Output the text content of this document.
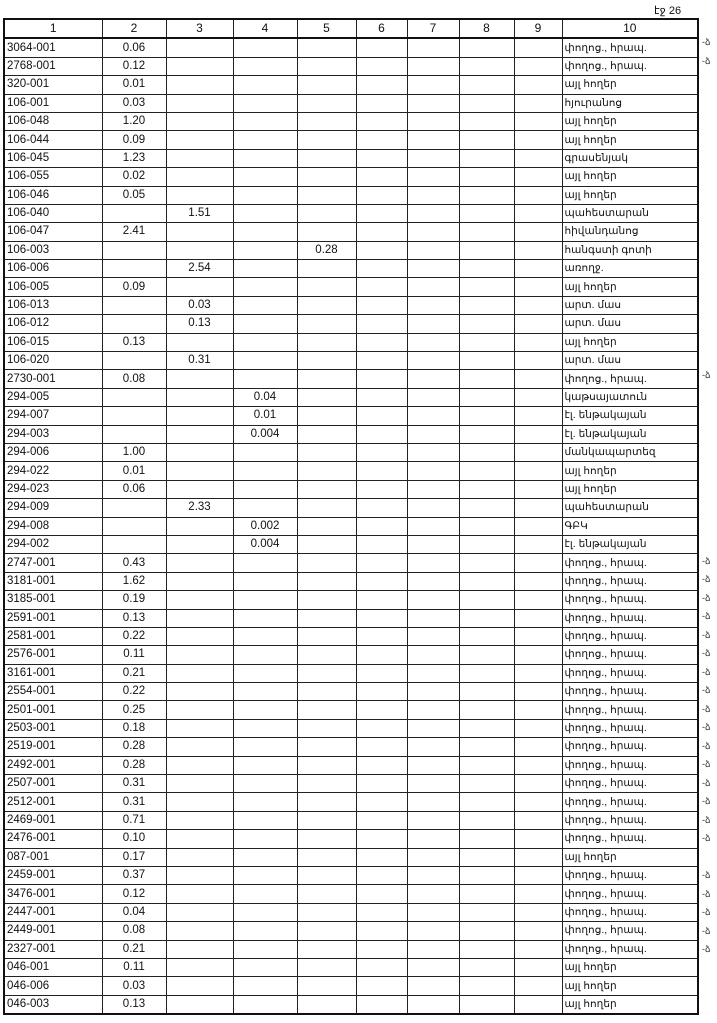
էջ 26
1	2	3	4	5	6	7	8	9	10
3064-001	0.06								փողոց., հրապ.
2768-001	0.12								փողոց., հրապ.
320-001	0.01								այլ հողեր
106-001	0.03								հյուրանոց
106-048	1.20								այլ հողեր
106-044	0.09								այլ հողեր
106-045	1.23								գրասենյակ
106-055	0.02								այլ հողեր
106-046	0.05								այլ հողեր
106-040		1.51							պահեստարան
106-047	2.41								հիվանդանոց
106-003				0.28					հանգստի գոտի
106-006		2.54							առողջ.
106-005	0.09								այլ հողեր
106-013		0.03							արտ. մաս
106-012		0.13							արտ. մաս
106-015	0.13								այլ հողեր
106-020		0.31							արտ. մաս
2730-001	0.08								փողոց., հրապ.
294-005			0.04						կաթսայատուն
294-007			0.01						էլ. ենթակայան
294-003			0.004						էլ. ենթակայան
294-006	1.00								մանկապարտեզ
294-022	0.01								այլ հողեր
294-023	0.06								այլ հողեր
294-009		2.33							պահեստարան
294-008			0.002						ԳԲԿ
294-002			0.004						էլ. ենթակայան
2747-001	0.43								փողոց., հրապ.
3181-001	1.62								փողոց., հրապ.
3185-001	0.19								փողոց., հրապ.
2591-001	0.13								փողոց., հրապ.
2581-001	0.22								փողոց., հրապ.
2576-001	0.11								փողոց., հրապ.
3161-001	0.21								փողոց., հրապ.
2554-001	0.22								փողոց., հրապ.
2501-001	0.25								փողոց., հրապ.
2503-001	0.18								փողոց., հրապ.
2519-001	0.28								փողոց., հրապ.
2492-001	0.28								փողոց., հրապ.
2507-001	0.31								փողոց., հրապ.
2512-001	0.31								փողոց., հրապ.
2469-001	0.71								փողոց., հրապ.
2476-001	0.10								փողոց., հրապ.
087-001	0.17								այլ հողեր
2459-001	0.37								փողոց., հրապ.
3476-001	0.12								փողոց., հրապ.
2447-001	0.04								փողոց., հրապ.
2449-001	0.08								փողոց., հրապ.
2327-001	0.21								փողոց., հրապ.
046-001	0.11								այլ հողեր
046-006	0.03								այլ հողեր
046-003	0.13								այլ հողեր
-ձ
-ձ
-ձ
-ձ
-ձ
-ձ
-ձ
-ձ
-ձ
-ձ
-ձ
-ձ
-ձ
-ձ
-ձ
-ձ
-ձ
-ձ
-ձ
-ձ
-ձ
-ձ
-ձ
-ձ
